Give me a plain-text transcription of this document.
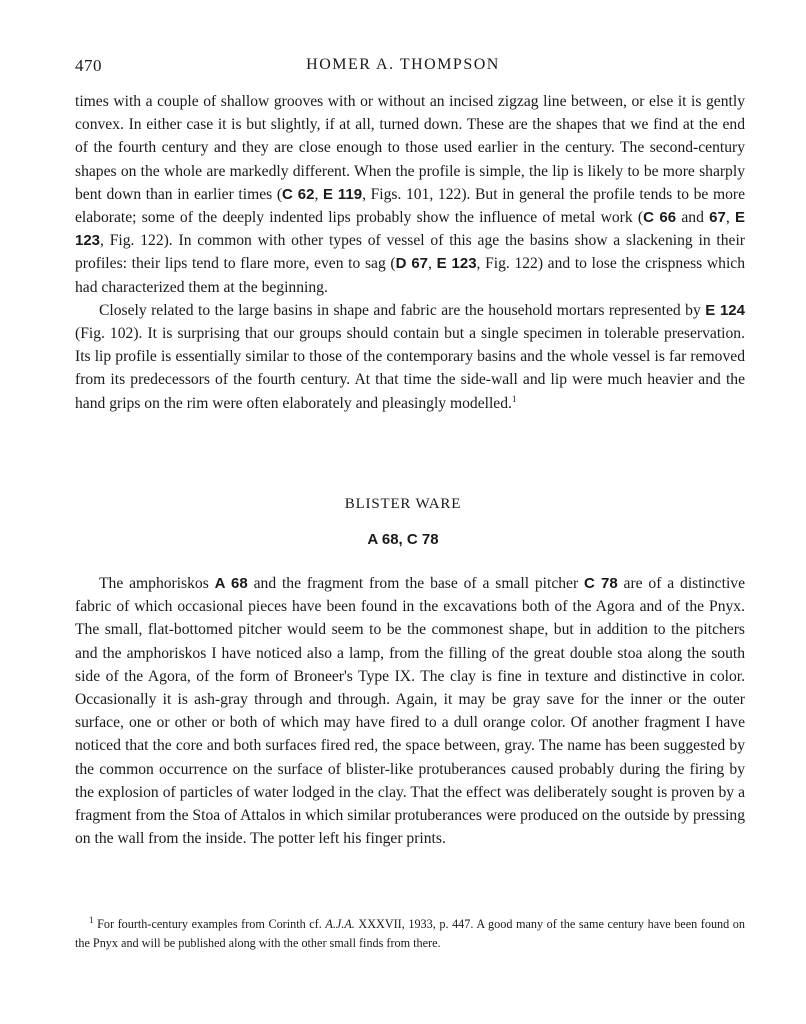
470	HOMER A. THOMPSON

times with a couple of shallow grooves with or without an incised zigzag line between, or else it is gently convex. In either case it is but slightly, if at all, turned down. These are the shapes that we find at the end of the fourth century and they are close enough to those used earlier in the century. The second-century shapes on the whole are markedly different. When the profile is simple, the lip is likely to be more sharply bent down than in earlier times (C 62, E 119, Figs. 101, 122). But in general the profile tends to be more elaborate; some of the deeply indented lips probably show the influence of metal work (C 66 and 67, E 123, Fig. 122). In common with other types of vessel of this age the basins show a slackening in their profiles: their lips tend to flare more, even to sag (D 67, E 123, Fig. 122) and to lose the crispness which had characterized them at the beginning.

Closely related to the large basins in shape and fabric are the household mortars represented by E 124 (Fig. 102). It is surprising that our groups should contain but a single specimen in tolerable preservation. Its lip profile is essentially similar to those of the contemporary basins and the whole vessel is far removed from its predecessors of the fourth century. At that time the side-wall and lip were much heavier and the hand grips on the rim were often elaborately and pleasingly modelled.$^1$

BLISTER WARE
A 68, C 78

The amphoriskos A 68 and the fragment from the base of a small pitcher C 78 are of a distinctive fabric of which occasional pieces have been found in the excavations both of the Agora and of the Pnyx. The small, flat-bottomed pitcher would seem to be the commonest shape, but in addition to the pitchers and the amphoriskos I have noticed also a lamp, from the filling of the great double stoa along the south side of the Agora, of the form of Broneer's Type IX. The clay is fine in texture and distinctive in color. Occasionally it is ash-gray through and through. Again, it may be gray save for the inner or the outer surface, one or other or both of which may have fired to a dull orange color. Of another fragment I have noticed that the core and both surfaces fired red, the space between, gray. The name has been suggested by the common occurrence on the surface of blister-like protuberances caused probably during the firing by the explosion of particles of water lodged in the clay. That the effect was deliberately sought is proven by a fragment from the Stoa of Attalos in which similar protuberances were produced on the outside by pressing on the wall from the inside. The potter left his finger prints.

$^1$ For fourth-century examples from Corinth cf. A.J.A. XXXVII, 1933, p. 447. A good many of the same century have been found on the Pnyx and will be published along with the other small finds from there.
